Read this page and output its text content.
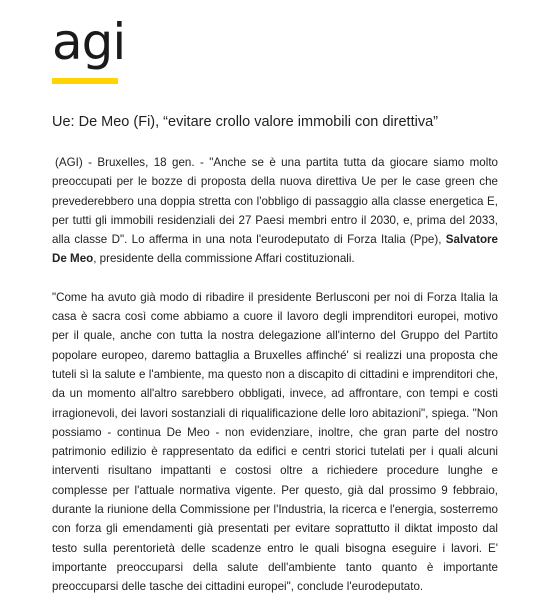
agi
Ue: De Meo (Fi), “evitare crollo valore immobili con direttiva”

(AGI) - Bruxelles, 18 gen. - "Anche se è una partita tutta da giocare siamo molto preoccupati per le bozze di proposta della nuova direttiva Ue per le case green che prevederebbero una doppia stretta con l'obbligo di passaggio alla classe energetica E, per tutti gli immobili residenziali dei 27 Paesi membri entro il 2030, e, prima del 2033, alla classe D". Lo afferma in una nota l'eurodeputato di Forza Italia (Ppe), Salvatore De Meo, presidente della commissione Affari costituzionali.

"Come ha avuto già modo di ribadire il presidente Berlusconi per noi di Forza Italia la casa è sacra così come abbiamo a cuore il lavoro degli imprenditori europei, motivo per il quale, anche con tutta la nostra delegazione all'interno del Gruppo del Partito popolare europeo, daremo battaglia a Bruxelles affinché' si realizzi una proposta che tuteli sì la salute e l'ambiente, ma questo non a discapito di cittadini e imprenditori che, da un momento all'altro sarebbero obbligati, invece, ad affrontare, con tempi e costi irragionevoli, dei lavori sostanziali di riqualificazione delle loro abitazioni", spiega. "Non possiamo - continua De Meo - non evidenziare, inoltre, che gran parte del nostro patrimonio edilizio è rappresentato da edifici e centri storici tutelati per i quali alcuni interventi risultano impattanti e costosi oltre a richiedere procedure lunghe e complesse per l'attuale normativa vigente. Per questo, già dal prossimo 9 febbraio, durante la riunione della Commissione per l'Industria, la ricerca e l'energia, sosterremo con forza gli emendamenti già presentati per evitare soprattutto il diktat imposto dal testo sulla perentorietà delle scadenze entro le quali bisogna eseguire i lavori. E' importante preoccuparsi della salute dell'ambiente tanto quanto è importante preoccuparsi delle tasche dei cittadini europei", conclude l'eurodeputato.
